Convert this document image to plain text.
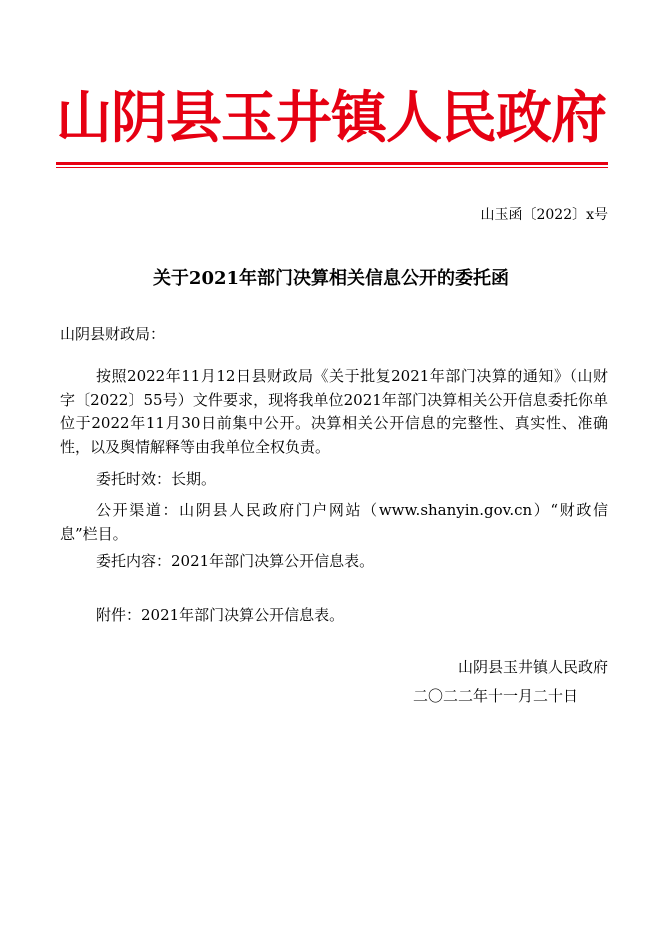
山阴县玉井镇人民政府
山玉函〔2022〕x号
关于2021年部门决算相关信息公开的委托函
山阴县财政局：
按照2022年11月12日县财政局《关于批复2021年部门决算的通知》（山财字〔2022〕55号）文件要求，现将我单位2021年部门决算相关公开信息委托你单位于2022年11月30日前集中公开。决算相关公开信息的完整性、真实性、准确性，以及舆情解释等由我单位全权负责。
委托时效：长期。
公开渠道：山阴县人民政府门户网站（www.shanyin.gov.cn）“财政信息”栏目。
委托内容：2021年部门决算公开信息表。
附件：2021年部门决算公开信息表。
山阴县玉井镇人民政府
二〇二二年十一月二十日
